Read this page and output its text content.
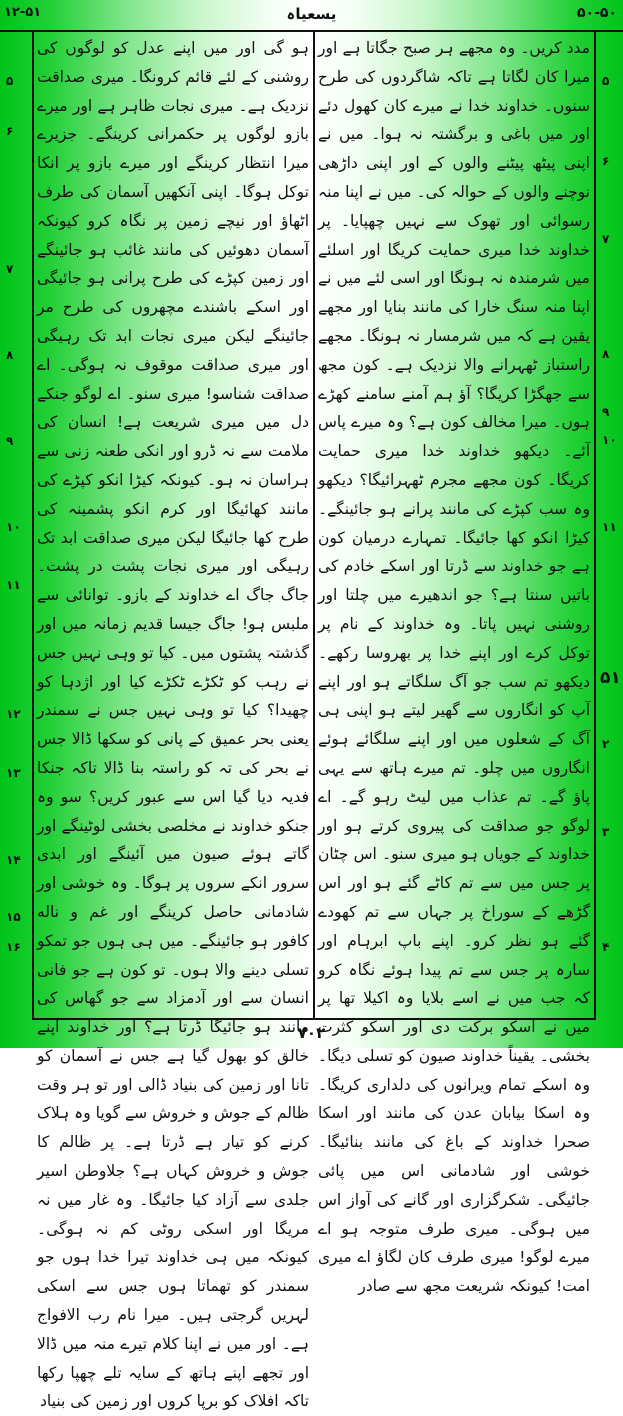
۱۲-۵۱	یسعیاہ	۵۰-۵۰
مدد کریں۔ وہ مجھے ہر صبح جگاتا ہے اور میرا کان لگاتا ہے تاکہ شاگردوں کی طرح سنوں۔ خداوند خدا نے میرے کان کھول دئے اور میں باغی و برگشتہ نہ ہوا۔ میں نے اپنی پیٹھ پیٹنے والوں کے اور اپنی داڑھی نوچنے والوں کے حوالہ کی۔ میں نے اپنا منہ رسوائی اور تھوک سے نہیں چھپایا۔ پر خداوند خدا میری حمایت کریگا اور اسلئے میں شرمندہ نہ ہونگا اور اسی لئے میں نے اپنا منہ سنگ خارا کی مانند بنایا اور مجھے یقین ہے کہ میں شرمسار نہ ہونگا۔ مجھے راستباز ٹھہرانے والا نزدیک ہے۔ کون مجھ سے جھگڑا کریگا؟ آؤ ہم آمنے سامنے کھڑے ہوں۔ میرا مخالف کون ہے؟ وہ میرے پاس آئے۔ دیکھو خداوند خدا میری حمایت کریگا۔ کون مجھے مجرم ٹھہرائیگا؟ دیکھو وہ سب کپڑے کی مانند پرانے ہو جائینگے۔ کیڑا انکو کھا جائیگا۔ تمہارے درمیان کون ہے جو خداوند سے ڈرتا اور اسکے خادم کی باتیں سنتا ہے؟ جو اندھیرے میں چلتا اور روشنی نہیں پاتا۔ وہ خداوند کے نام پر توکل کرے اور اپنے خدا پر بھروسا رکھے۔ دیکھو تم سب جو آگ سلگاتے ہو اور اپنے آپ کو انگاروں سے گھیر لیتے ہو اپنی ہی آگ کے شعلوں میں اور اپنے سلگائے ہوئے انگاروں میں چلو۔ تم میرے ہاتھ سے یہی پاؤ گے۔ تم عذاب میں لیٹ رہو گے۔ اے لوگو جو صداقت کی پیروی کرتے ہو اور خداوند کے جویاں ہو میری سنو۔ اس چٹان پر جس میں سے تم کاٹے گئے ہو اور اس گڑھے کے سوراخ پر جہاں سے تم کھودے گئے ہو نظر کرو۔ اپنے باپ ابرہام اور سارہ پر جس سے تم پیدا ہوئے نگاہ کرو کہ جب میں نے اسے بلایا وہ اکیلا تھا پر میں نے اسکو برکت دی اور اسکو کثرت بخشی۔ یقیناً خداوند صیون کو تسلی دیگا۔ وہ اسکے تمام ویرانوں کی دلداری کریگا۔ وہ اسکا بیابان عدن کی مانند اور اسکا صحرا خداوند کے باغ کی مانند بنائیگا۔ خوشی اور شادمانی اس میں پائی جائیگی۔ شکرگزاری اور گانے کی آواز اس میں ہوگی۔ میری طرف متوجہ ہو اے میرے لوگو! میری طرف کان لگاؤ اے میری امت! کیونکہ شریعت مجھ سے صادر
ہو گی اور میں اپنے عدل کو لوگوں کی روشنی کے لئے قائم کرونگا۔ میری صداقت نزدیک ہے۔ میری نجات ظاہر ہے اور میرے بازو لوگوں پر حکمرانی کرینگے۔ جزیرے میرا انتظار کرینگے اور میرے بازو پر انکا توکل ہوگا۔ اپنی آنکھیں آسمان کی طرف اٹھاؤ اور نیچے زمین پر نگاہ کرو کیونکہ آسمان دھوئیں کی مانند غائب ہو جائینگے اور زمین کپڑے کی طرح پرانی ہو جائیگی اور اسکے باشندے مچھروں کی طرح مر جائینگے لیکن میری نجات ابد تک رہیگی اور میری صداقت موقوف نہ ہوگی۔ اے صداقت شناسو! میری سنو۔ اے لوگو جنکے دل میں میری شریعت ہے! انسان کی ملامت سے نہ ڈرو اور انکی طعنہ زنی سے ہراسان نہ ہو۔ کیونکہ کیڑا انکو کپڑے کی مانند کھائیگا اور کرم انکو پشمینہ کی طرح کھا جائیگا لیکن میری صداقت ابد تک رہیگی اور میری نجات پشت در پشت۔ جاگ جاگ اے خداوند کے بازو۔ توانائی سے ملبس ہو! جاگ جیسا قدیم زمانہ میں اور گذشتہ پشتوں میں۔ کیا تو وہی نہیں جس نے رہب کو ٹکڑے ٹکڑے کیا اور اژدہا کو چھیدا؟ کیا تو وہی نہیں جس نے سمندر یعنی بحر عمیق کے پانی کو سکھا ڈالا جس نے بحر کی تہ کو راستہ بنا ڈالا تاکہ جنکا فدیہ دیا گیا اس سے عبور کریں؟ سو وہ جنکو خداوند نے مخلصی بخشی لوٹینگے اور گاتے ہوئے صیون میں آئینگے اور ابدی سرور انکے سروں پر ہوگا۔ وہ خوشی اور شادمانی حاصل کرینگے اور غم و ناله کافور ہو جائینگے۔ میں ہی ہوں جو تمکو تسلی دینے والا ہوں۔ تو کون ہے جو فانی انسان سے اور آدمزاد سے جو گھاس کی مانند ہو جائیگا ڈرتا ہے؟ اور خداوند اپنے خالق کو بھول گیا ہے جس نے آسمان کو تانا اور زمین کی بنیاد ڈالی اور تو ہر وقت ظالم کے جوش و خروش سے گویا وہ ہلاک کرنے کو تیار ہے ڈرتا ہے۔ پر ظالم کا جوش و خروش کہاں ہے؟ جلاوطن اسیر جلدی سے آزاد کیا جائیگا۔ وہ غار میں نہ مریگا اور اسکی روٹی کم نہ ہوگی۔ کیونکہ میں ہی خداوند تیرا خدا ہوں جو سمندر کو تھماتا ہوں جس سے اسکی لہریں گرجتی ہیں۔ میرا نام رب الافواج ہے۔ اور میں نے اپنا کلام تیرے منہ میں ڈالا اور تجھے اپنے ہاتھ کے سایہ تلے چھپا رکھا تاکہ افلاک کو برپا کروں اور زمین کی بنیاد
۵
۶
۷
۸
۹
۱۰
۱۱
۵۱
۲
۳
۴
۵
۶
۷
۸
۹
۱۰
۱۱
۱۲
۱۳
۱۴
۱۵
۱۶
۷۰۲
